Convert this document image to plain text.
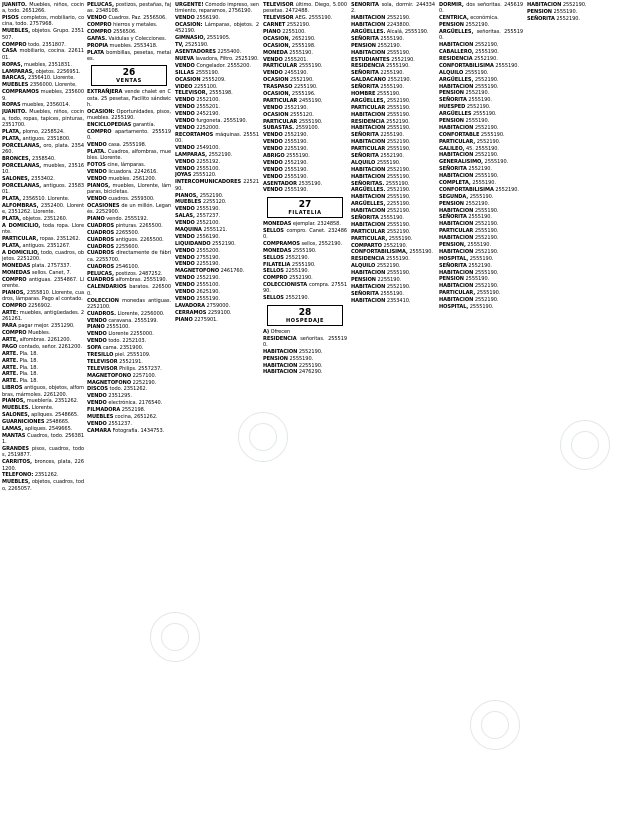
JUANITO. Muebles, niños, cocina, todo. 2651266.

PISOS completos, mobiliario, cocina, todo. 2757968.

MUEBLES, objetos. Grupo. 2351507.

COMPRO todo. 2351807.

CASA mobiliario, cocina. 2261101.

ROPAS, muebles, 2351831.

LAMPARAS, objetos. 2256951.

BARCAS, 2356410. Llorente.

MUEBLES 2356000. Llorente.

COMPRAMOS muebles, 2356009.

ROPAS muebles, 2356014.

JUANITO. Muebles, niños, cocina, todo, ropas, tapices, pinturas, 2351700.

PLATA, plomo, 2258524.

PLATA, antiguos. 2351800.

PORCELANAS, oro, plata. 2354260.

BRONCES, 2358540.

PORCELANAS, muebles, 2351610.

SALONES, 2353402.

PORCELANAS, antiguos. 2358301.

PLATA, 2356510. Llorente.

ALFOMBRAS, 2352400. Llorente, 2351262. Llorente.

PLATA, objetos. 2351260.

A DOMICILIO, toda ropa. Llorente.

PARTICULAR, ropas. 2351262.

PLATA, antiguos. 2351267.

A DOMICILIO, todo, cuadros, objetos. 2251200.

MONEDAS plata. 2757337.

MONEDAS sellos. Canet, 7.

COMPRO antiguas. 2354867. Llorente.

PIANOS, 2355810. Llorente, cuadros, lámparas. Pago al contado.

COMPRO 2256902.

ARTE: muebles, antigüedades. 2261261.

PARA pagar mejor. 2351290.

COMPRO Muebles.

ARTE, alfombras. 2261200.

PAGO contado, señor. 2261200.

ARTE. Pla. 18.

ARTE. Pla. 18.

ARTE. Pla. 18.

ARTE. Pla. 18.

ARTE. Pla. 18.

LIBROS antiguos, objetos, alfombras, mármoles. 2261200.

PIANOS, mueblería. 2351262.

MUEBLES. Llorente.

SALONES, apliques. 2548665.

GUARNICIONES 2548665.

LAMAS, apliques. 2549665.

MANTAS Cuadros, todo. 2563811.

GRANDES pisos, cuadros, todos, 2519877.

CARRITOS, bronces, plata, 2261200.

TELEFONO: 2351262.

MUEBLES, objetos, cuadros, todo, 2265057.

PELUCAS, postizos, pestañas, fajas. 2348108.

VENDO Cuadros. Paz. 2556506.

COMPRO hierros y metales.

COMPRO 2556506.

GAFAS. Vaidulas y Colecciones.

PROPIA muebles. 2553418.

PLATA bombillas, pesetas, metales.

26
VENTAS

EXTRAÑJERA vende chalet en Costa. 25 pesetas, Facilito sándwich.

OCASION: Oportunidades, pisos, muebles. 2255190.

ENCICLOPEDIAS garantía.

COMPRO apartamento. 2555190.

VENDO casa. 2555198.

PLATA. Cuadros, alfombras, muebles. Llorente.

FOTOS cine, lámparas.

VENDO licuadora. 2242616.

VENDO muebles. 2561200.

PIANOS, muebles, Llorente, lámparas, bicicletas.

VENDO cuadros. 2559300.

OCASIONES de un millón. Leganés. 2252900.

PIANO vendo. 2555192.

CUADROS pinturas. 2265500.

CUADROS 2265500.

CUADROS antiguos. 2265500.

CUADROS 2255600.

CUADROS directamente de fábrica. 2255700.

CUADROS 2546100.

PELUCAS, postizos. 2487252.

CUADROS alfombras. 2555190.

CALENDARIOS baratos. 2265000.

COLECCION monedas antiguas. 2252100.

CUADROS. Llorente, 2256000.

VENDO caravana. 2555199.

PIANO 2555100.

VENDO Llorente 2255000.

VENDO todo. 2252103.

SOFA cama. 2351900.

TRESILLO piel. 2555109.

TELEVISOR 2552191.

TELEVISOR Philips. 2557237.

MAGNETOFONO 2257100.

MAGNETOFONO 2252190.

DISCOS todo. 2351262.

VENDO 2351295.

VENDO electrónica. 2176540.

FILMADORA 2552198.

MUEBLES cocina, 2651262.

VENDO 2551237.

CAMARA Fotografía. 1434753.

URGENTE! Cómodo impreso, sentimiento, reparamos, 2756190.

VENDO 2556190.

OCASION: Lámparas, objetos. 2452190.

GIMNASIO, 2551905.

TV, 2525190.

ASENTADORES 2255400.

NUEVA lavadora, Filtro. 2525190.

VENDO Congelador. 2555200.

SILLAS 2555190.

OCASION 2555209.

VIDEO 2255100.

TELEVISOR, 2555198.

VENDO 2552100.

VENDO 2555201.

VENDO 2452190.

VENDO furgoneta. 2555190.

VENDO 2252000.

RECORTAMOS máquinas. 2555100.

VENDO 2549100.

LAMPARAS, 2552190.

VENDO 2255192.

VENDO 2555100.

JOYAS 2555120.

INTERCOMUNICADORES 2252190.

PIANOS, 2552190.

MUEBLES 2255120.

VENDO 2555190.

SALAS, 2557237.

VENDO 2552100.

MAQUINA 2555121.

VENDO 2556190.

LIQUIDANDO 2552190.

VENDO 2555200.

VENDO 2755190.

VENDO 2255190.

MAGNETOFONO 2461760.

VENDO 2552190.

VENDO 2555100.

VENDO 2625190.

VENDO 2555190.

LAVADORA 2759000.

CERRAMOS 2259100.

PIANO 2275901.

TELEVISOR último. Diego, 5.000 pesetas. 2472488.

TELEVISOR AEG. 2555190.

CARNET 2552190.

PIANO 2255100.

OCASION, 2652190.

OCASION, 2555198.

MONEDA 2555190.

VENDO 2555201.

PARTICULAR 2555190.

VENDO 2455190.

OCASION 2552190.

TRASPASO 2255190.

OCASION, 2555196.

PARTICULAR 2455190.

VENDO 2552190.

OCASION 2555120.

PARTICULAR 2555190.

SUBASTAS. 2559100.

VENDO 2552190.

VENDO 2555190.

VENDO 2255190.

ABRIGO 2555190.

VENDO 2552190.

VENDO 2555190.

VENDO 2555190.

ASENTADOR 2535190.

VENDO 2555190.

27
FILATELIA

MONEDAS ejemplar. 2324858.

SELLOS compro. Canet. 2324860.

COMPRAMOS sellos, 2552190.

MONEDAS 2555190.

SELLOS 2552190.

FILATELIA 2555190.

SELLOS 2255190.

COMPRO 2552190.

COLECCIONISTA compra. 2755190.

SELLOS 2552190.

28
HOSPEDAJE

A) Ofrecen

RESIDENCIA señoritas. 2555190.

HABITACION 2552190.

PENSION 2555190.

HABITACION 2255190.

HABITACION 2476290.

SEÑORITA sola, dormir. 2443342.

HABITACION 2552190.

HABITACION 2243800.

ARGÜELLES. Alcalá, 2555190.

SEÑORITA 2555190.

PENSION 2552190.

HABITACION 2555190.

ESTUDIANTES 2552190.

RESIDENCIA 2555190.

SEÑORITA 2255190.

GALDACANO 2552190.

SEÑORITA 2555190.

HOMBRE 2555190.

ARGÜELLES, 2552190.

PARTICULAR 2555190.

HABITACION 2555190.

RESIDENCIA 2552190.

HABITACION 2555190.

SEÑORITA 2255190.

HABITACION 2552190.

PARTICULAR 2555190.

SEÑORITA 2552190.

ALQUILO 2555190.

HABITACION 2552190.

HABITACION 2555190.

SEÑORITAS. 2555190.

ARGÜELLES. 2552190.

HABITACION 2555190.

ARGÜELLES, 2255190.

HABITACION 2552190.

SEÑORITA 2555190.

HABITACION 2555190.

PARTICULAR 2552190.

PARTICULAR, 2555190.

COMPARTO 2552190.

CONFORTABILISIMA, 2555190.

RESIDENCIA 2555190.

ALQUILO 2552190.

HABITACION 2555190.

PENSION 2255190.

HABITACION 2552190.

SEÑORITA 2555190.

HABITACION 2353410.

DORMIR, dos señoritas. 2456190.

CENTRICA, económica.

PENSION 2552190.

ARGÜELLES, señoritas. 2555190.

HABITACION 2552190.

CABALLERO, 2555190.

RESIDENCIA 2552190.

CONFORTABILISIMA 2555190.

ALQUILO 2555190.

ARGÜELLES, 2552190.

HABITACION 2555190.

PENSION 2552190.

SEÑORITA 2555190.

HUESPED 2552190.

ARGÜELLES 2555190.

PENSION 2555190.

HABITACION 2552190.

CONFORTABLE 2555190.

PARTICULAR, 2552190.

GALILEO, 45. 2555190.

HABITACION 2552190.

GENERALISIMO, 2555190.

SEÑORITA 2552190.

HABITACION 2555190.

COMPLETA, 2555190.

CONFORTABILISIMA 2552190.

SEGUNDA, 2555190.

PENSION 2552190.

HABITACION 2555190.

SEÑORITA 2555190.

HABITACION 2552190.

PARTICULAR 2555190.

HABITACION 2552190.

PENSION, 2555190.

HABITACION 2552190.

HOSPITAL, 2555190.

SEÑORITA 2552190.

HABITACION 2555190.

PENSION 2555190.

HABITACION 2552190.

PARTICULAR, 2555190.

HABITACION 2552190.

HOSPITAL, 2555190.

HABITACION 2552190.

PENSION 2555190.

SEÑORITA 2552190.
